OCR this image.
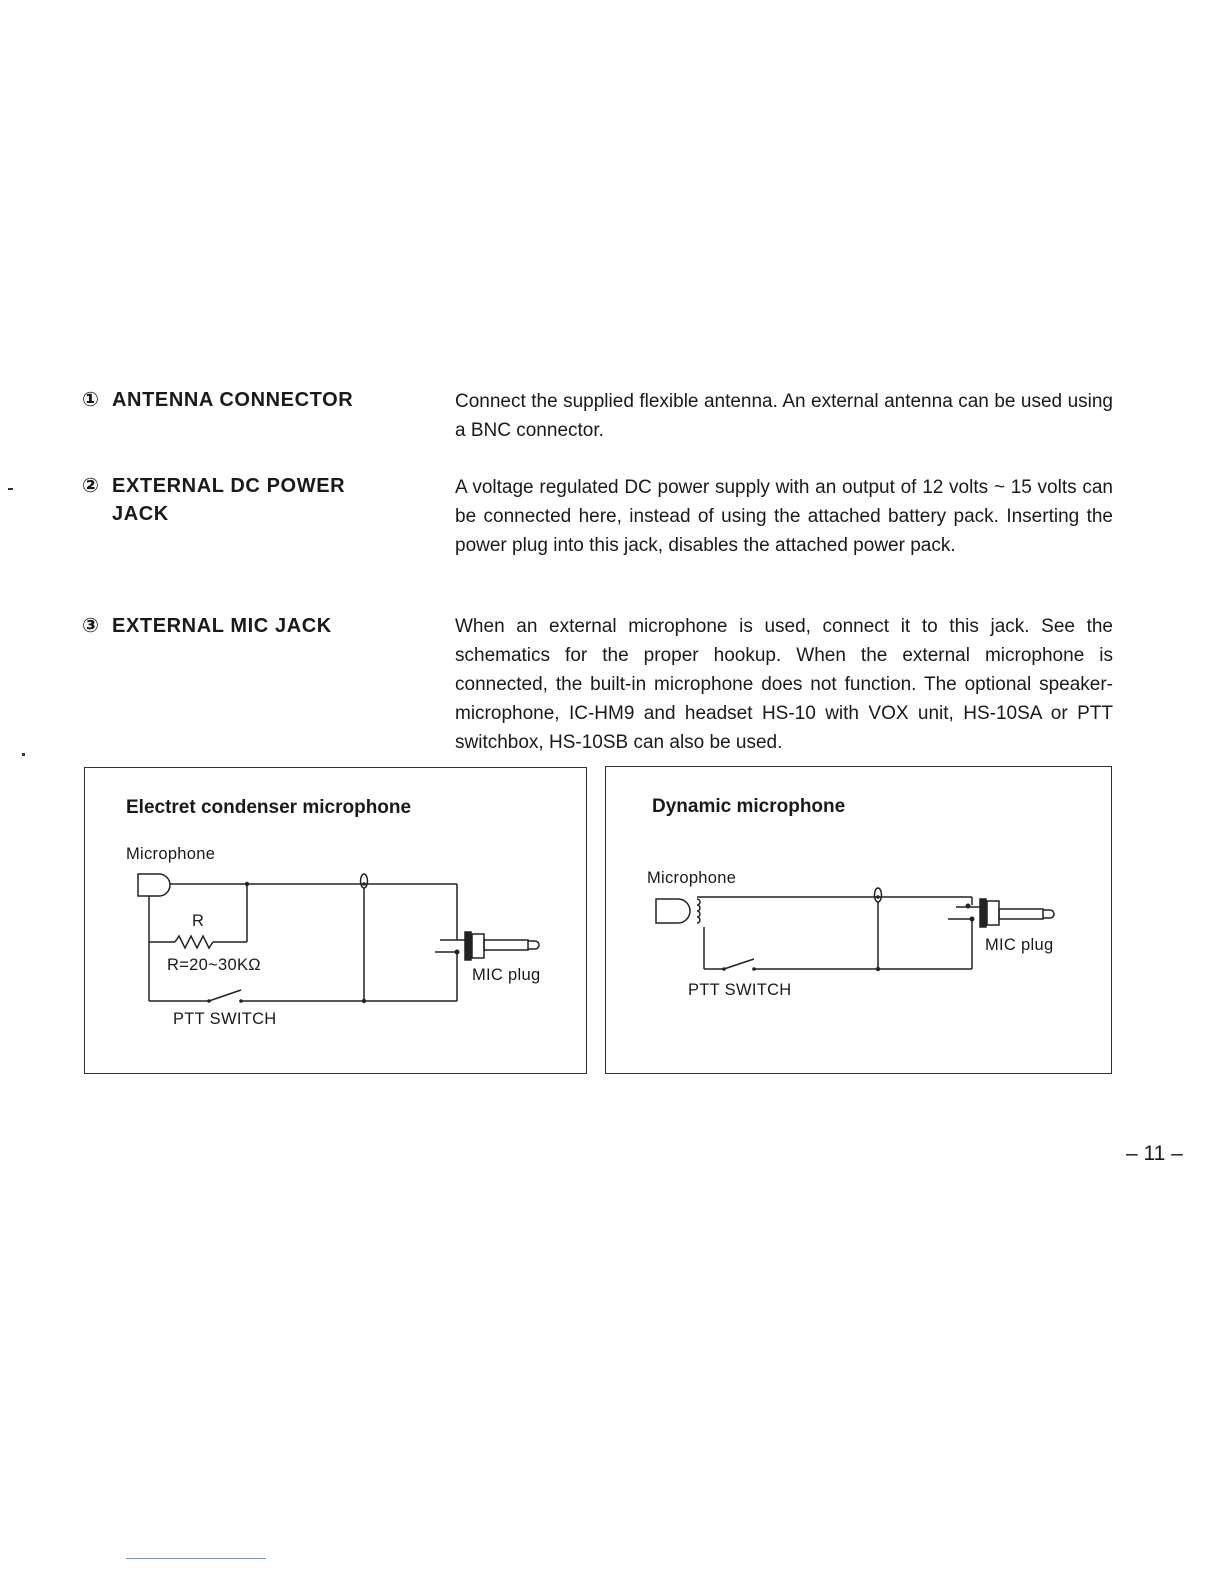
① ANTENNA CONNECTOR
② EXTERNAL DC POWER
JACK
③ EXTERNAL MIC JACK
Connect the supplied flexible antenna. An external antenna can be used using a BNC connector.
A voltage regulated DC power supply with an output of 12 volts ~ 15 volts can be connected here, instead of using the attached battery pack. Inserting the power plug into this jack, disables the attached power pack.
When an external microphone is used, connect it to this jack. See the schematics for the proper hookup. When the external microphone is connected, the built-in microphone does not function. The optional speaker-microphone, IC-HM9 and headset HS-10 with VOX unit, HS-10SA or PTT switchbox, HS-10SB can also be used.
Electret condenser microphone
Microphone
R
R=20~30KΩ
MIC plug
PTT SWITCH
Dynamic microphone
Microphone
MIC plug
PTT SWITCH
– 11 –
